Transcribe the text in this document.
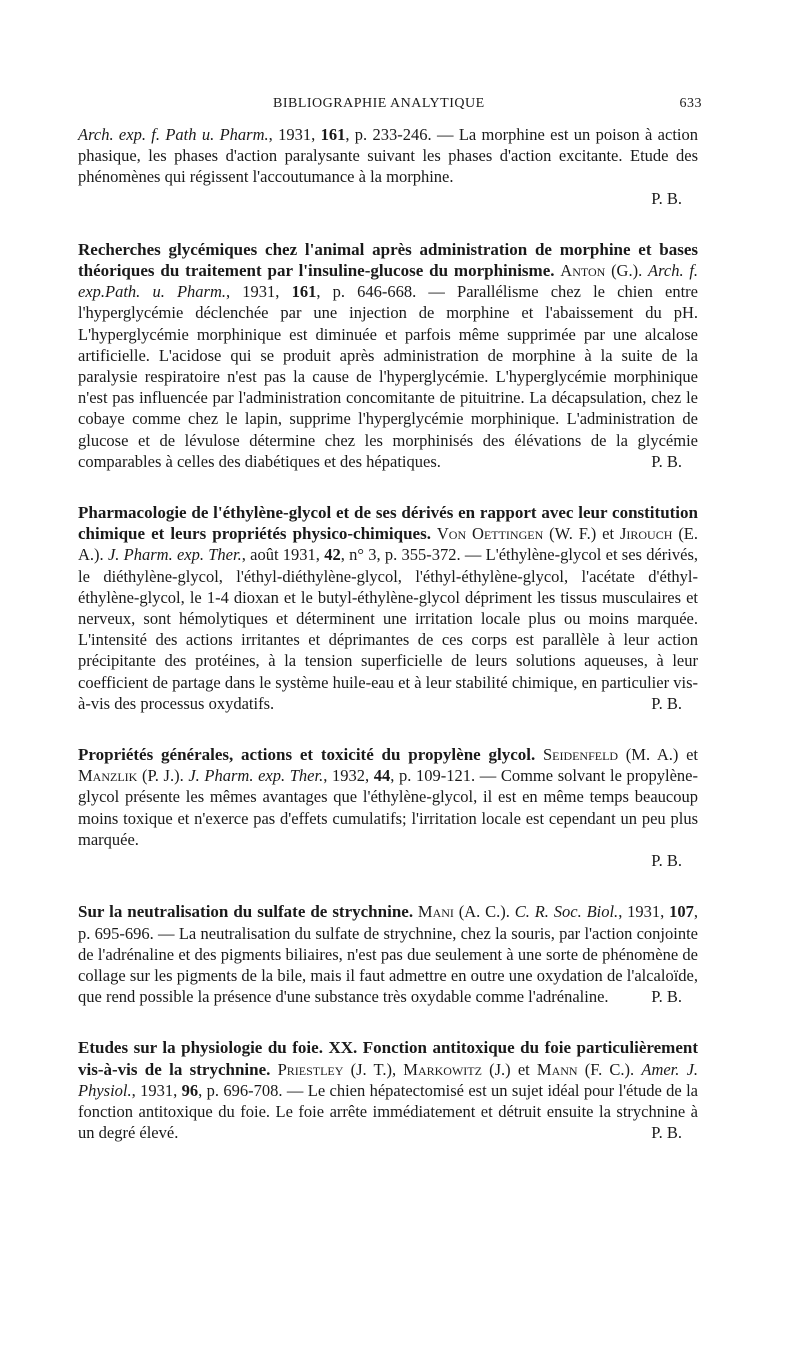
BIBLIOGRAPHIE ANALYTIQUE	633

Arch. exp. f. Path u. Pharm., 1931, 161, p. 233-246. — La morphine est un poison à action phasique, les phases d'action paralysante suivant les phases d'action excitante. Etude des phénomènes qui régissent l'accoutumance à la morphine.
P. B.

Recherches glycémiques chez l'animal après administration de morphine et bases théoriques du traitement par l'insuline-glucose du morphinisme. Anton (G.). Arch. f. exp.Path. u. Pharm., 1931, 161, p. 646-668. — Parallélisme chez le chien entre l'hyperglycémie déclenchée par une injection de morphine et l'abaissement du pH. L'hyperglycémie morphinique est diminuée et parfois même supprimée par une alcalose artificielle. L'acidose qui se produit après administration de morphine à la suite de la paralysie respiratoire n'est pas la cause de l'hyperglycémie. L'hyperglycémie morphinique n'est pas influencée par l'administration concomitante de pituitrine. La décapsulation, chez le cobaye comme chez le lapin, supprime l'hyperglycémie morphinique. L'administration de glucose et de lévulose détermine chez les morphinisés des élévations de la glycémie comparables à celles des diabétiques et des hépatiques.	P. B.

Pharmacologie de l'éthylène-glycol et de ses dérivés en rapport avec leur constitution chimique et leurs propriétés physico-chimiques. Von Oettingen (W. F.) et Jirouch (E. A.). J. Pharm. exp. Ther., août 1931, 42, n° 3, p. 355-372. — L'éthylène-glycol et ses dérivés, le diéthylène-glycol, l'éthyl-diéthylène-glycol, l'éthyl-éthylène-glycol, l'acétate d'éthyl-éthylène-glycol, le 1-4 dioxan et le butyl-éthylène-glycol dépriment les tissus musculaires et nerveux, sont hémolytiques et déterminent une irritation locale plus ou moins marquée. L'intensité des actions irritantes et déprimantes de ces corps est parallèle à leur action précipitante des protéines, à la tension superficielle de leurs solutions aqueuses, à leur coefficient de partage dans le système huile-eau et à leur stabilité chimique, en particulier vis-à-vis des processus oxydatifs.	P. B.

Propriétés générales, actions et toxicité du propylène glycol. Seidenfeld (M. A.) et Manzlik (P. J.). J. Pharm. exp. Ther., 1932, 44, p. 109-121. — Comme solvant le propylène-glycol présente les mêmes avantages que l'éthylène-glycol, il est en même temps beaucoup moins toxique et n'exerce pas d'effets cumulatifs; l'irritation locale est cependant un peu plus marquée.
P. B.

Sur la neutralisation du sulfate de strychnine. Mani (A. C.). C. R. Soc. Biol., 1931, 107, p. 695-696. — La neutralisation du sulfate de strychnine, chez la souris, par l'action conjointe de l'adrénaline et des pigments biliaires, n'est pas due seulement à une sorte de phénomène de collage sur les pigments de la bile, mais il faut admettre en outre une oxydation de l'alcaloïde, que rend possible la présence d'une substance très oxydable comme l'adrénaline.	P. B.

Etudes sur la physiologie du foie. XX. Fonction antitoxique du foie particulièrement vis-à-vis de la strychnine. Priestley (J. T.), Markowitz (J.) et Mann (F. C.). Amer. J. Physiol., 1931, 96, p. 696-708. — Le chien hépatectomisé est un sujet idéal pour l'étude de la fonction antitoxique du foie. Le foie arrête immédiatement et détruit ensuite la strychnine à un degré élevé.	P. B.
